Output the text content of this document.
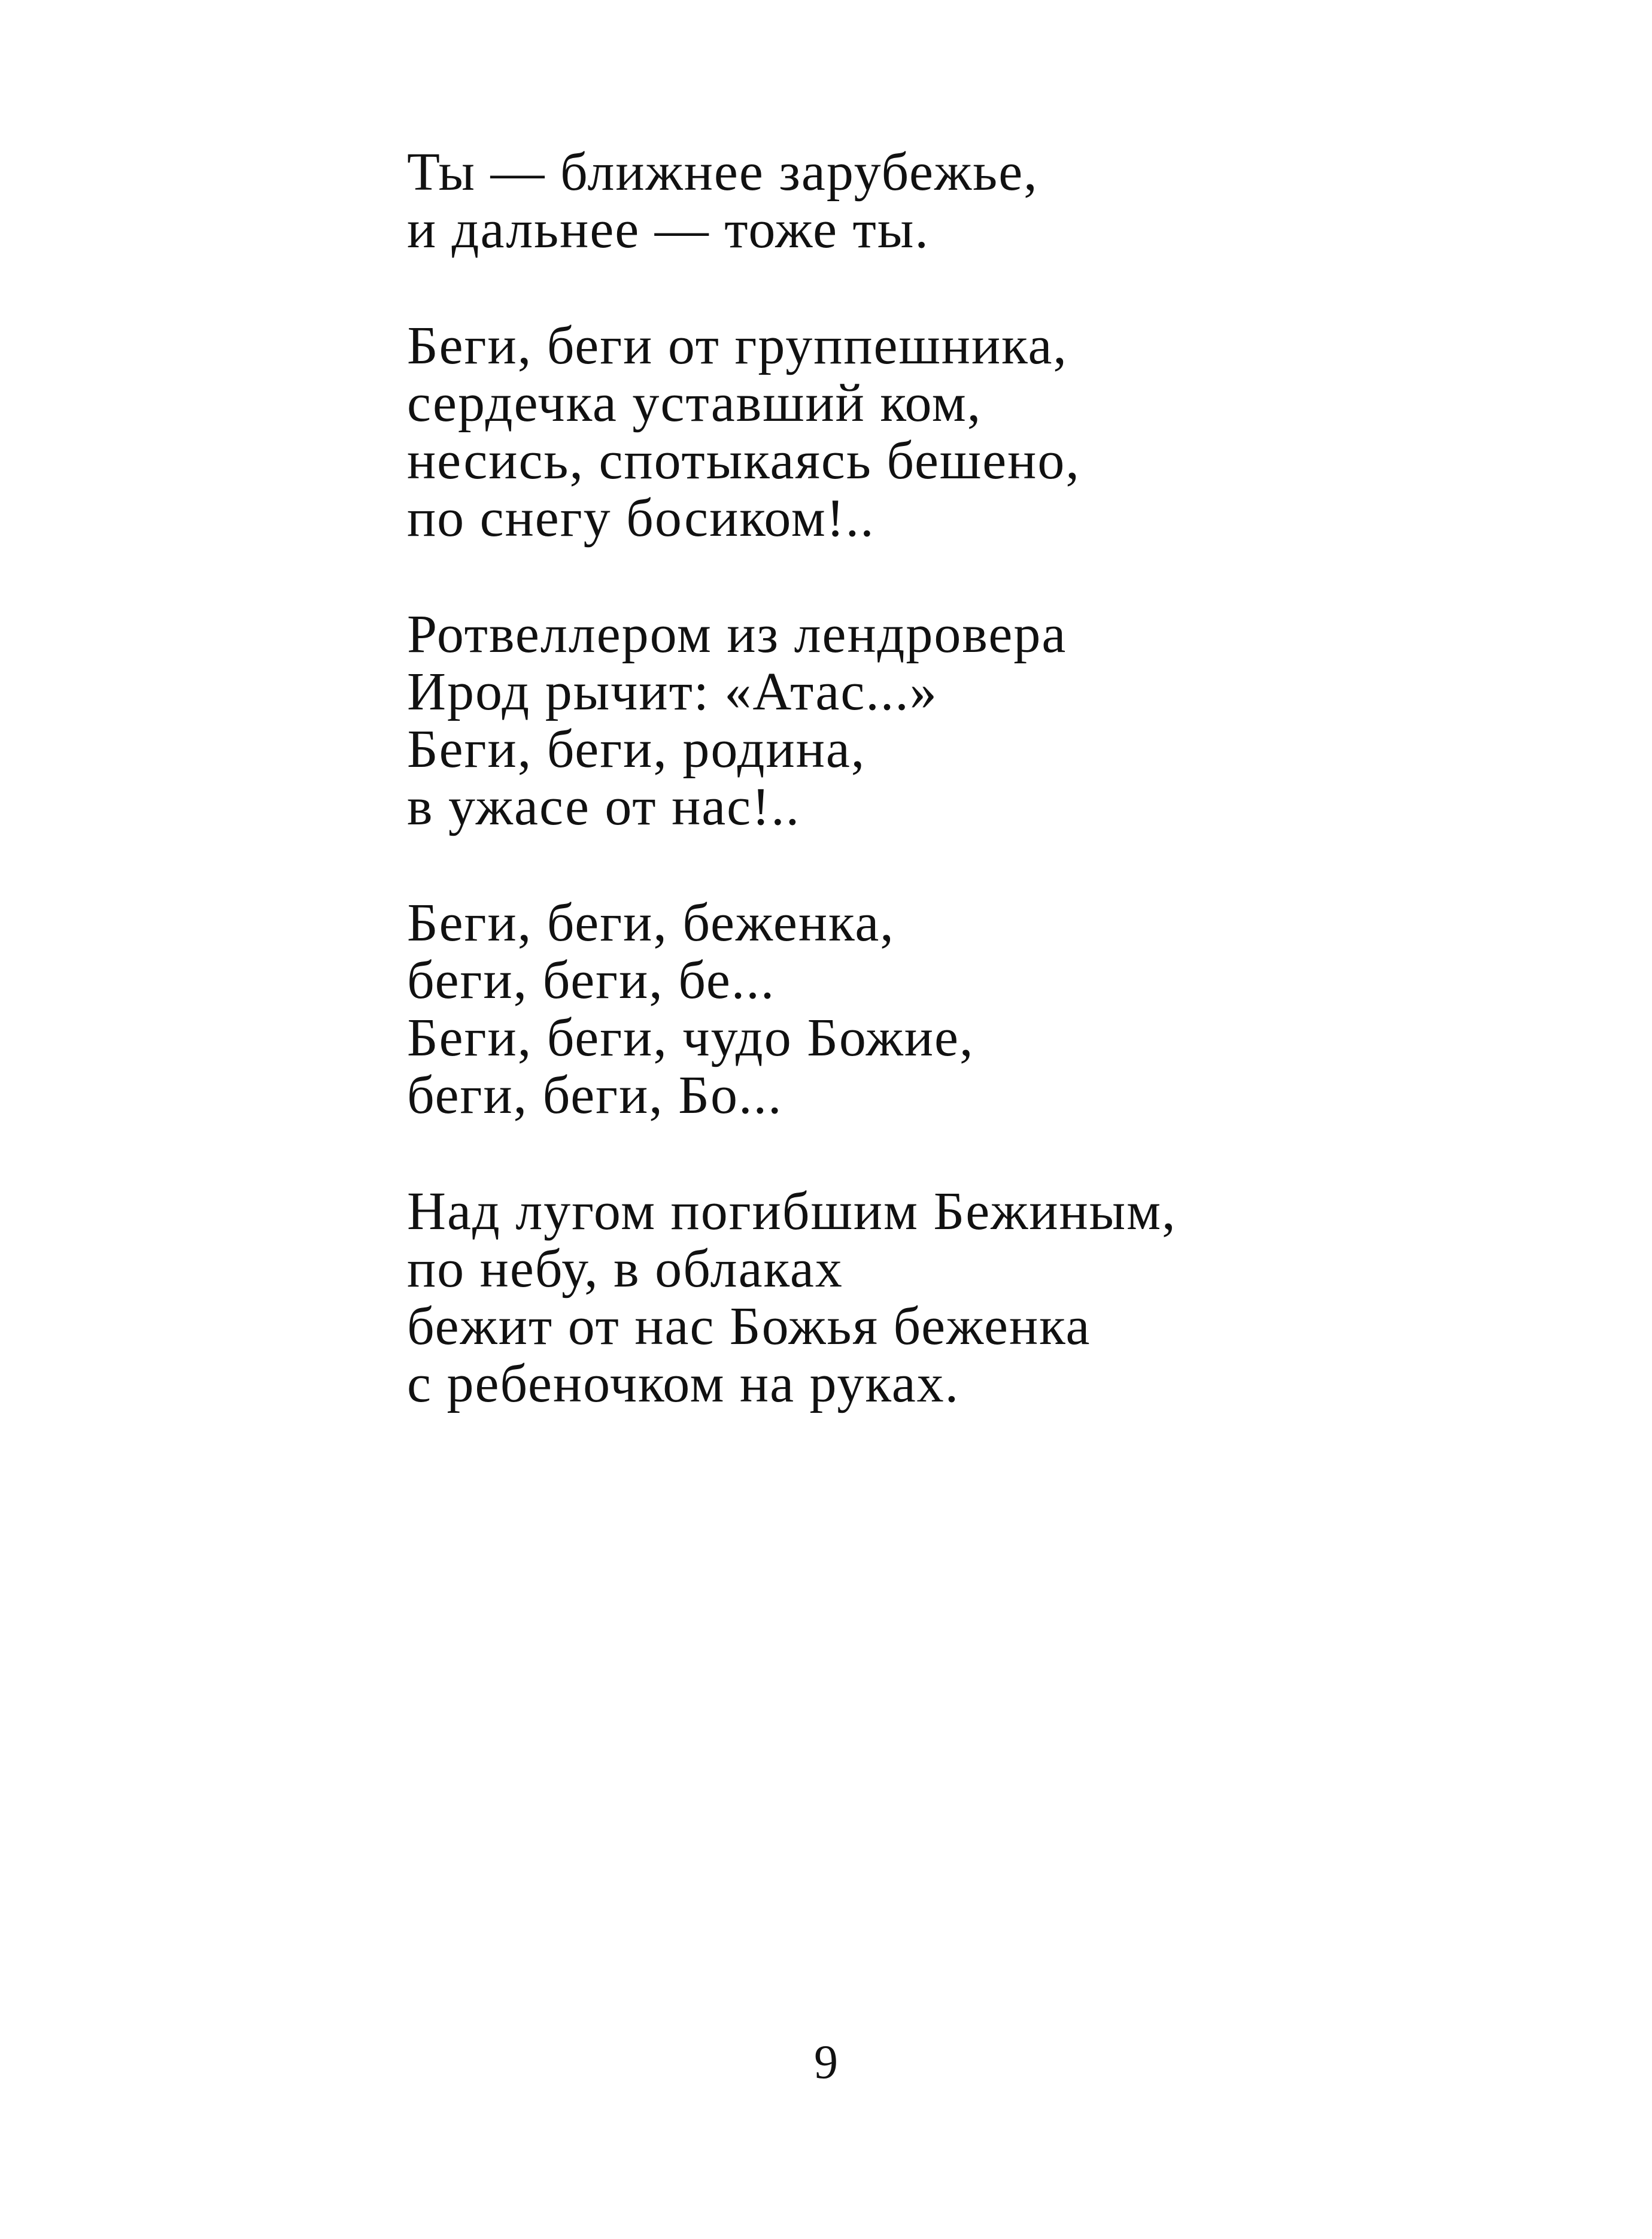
Ты — ближнее зарубежье,
и дальнее — тоже ты.
Беги, беги от группешника,
сердечка уставший ком,
несись, спотыкаясь бешено,
по снегу босиком!..
Ротвеллером из лендровера
Ирод рычит: «Атас...»
Беги, беги, родина,
в ужасе от нас!..
Беги, беги, беженка,
беги, беги, бе...
Беги, беги, чудо Божие,
беги, беги, Бо...
Над лугом погибшим Бежиным,
по небу, в облаках
бежит от нас Божья беженка
с ребеночком на руках.
9
